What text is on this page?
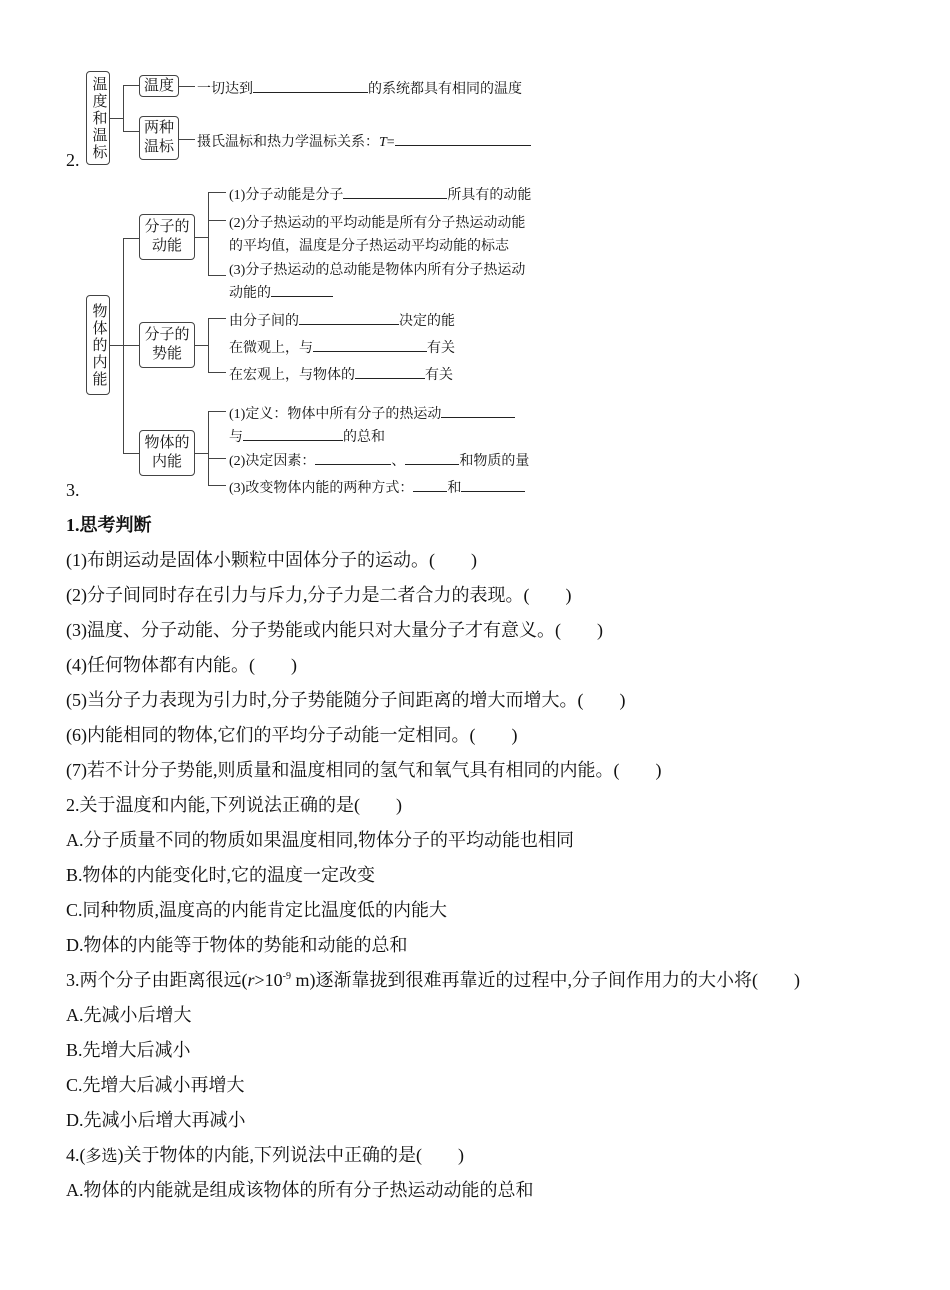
2. 温度和温标	温度	一切达到	的系统都具有相同的温度
两种温标	摄氏温标和热力学温标关系：T=
3.
物体的内能
分子的动能
(1)分子动能是分子	所具有的动能
(2)分子热运动的平均动能是所有分子热运动动能
的平均值，温度是分子热运动平均动能的标志
(3)分子热运动的总动能是物体内所有分子热运动
动能的
分子的势能
由分子间的	决定的能
在微观上，与	有关
在宏观上，与物体的	有关
物体的内能
(1)定义：物体中所有分子的热运动
与	的总和
(2)决定因素：	、	和物质的量
(3)改变物体内能的两种方式： 和
1.思考判断
(1)布朗运动是固体小颗粒中固体分子的运动。(　　)
(2)分子间同时存在引力与斥力,分子力是二者合力的表现。(　　)
(3)温度、分子动能、分子势能或内能只对大量分子才有意义。(　　)
(4)任何物体都有内能。(　　)
(5)当分子力表现为引力时,分子势能随分子间距离的增大而增大。(　　)
(6)内能相同的物体,它们的平均分子动能一定相同。(　　)
(7)若不计分子势能,则质量和温度相同的氢气和氧气具有相同的内能。(　　)
2.关于温度和内能,下列说法正确的是(　　)
A.分子质量不同的物质如果温度相同,物体分子的平均动能也相同
B.物体的内能变化时,它的温度一定改变
C.同种物质,温度高的内能肯定比温度低的内能大
D.物体的内能等于物体的势能和动能的总和
3.两个分子由距离很远($r>10^{-9}$ m)逐渐靠拢到很难再靠近的过程中,分子间作用力的大小将(　　)
A.先减小后增大
B.先增大后减小
C.先增大后减小再增大
D.先减小后增大再减小
4.(多选)关于物体的内能,下列说法中正确的是(　　)
A.物体的内能就是组成该物体的所有分子热运动动能的总和
